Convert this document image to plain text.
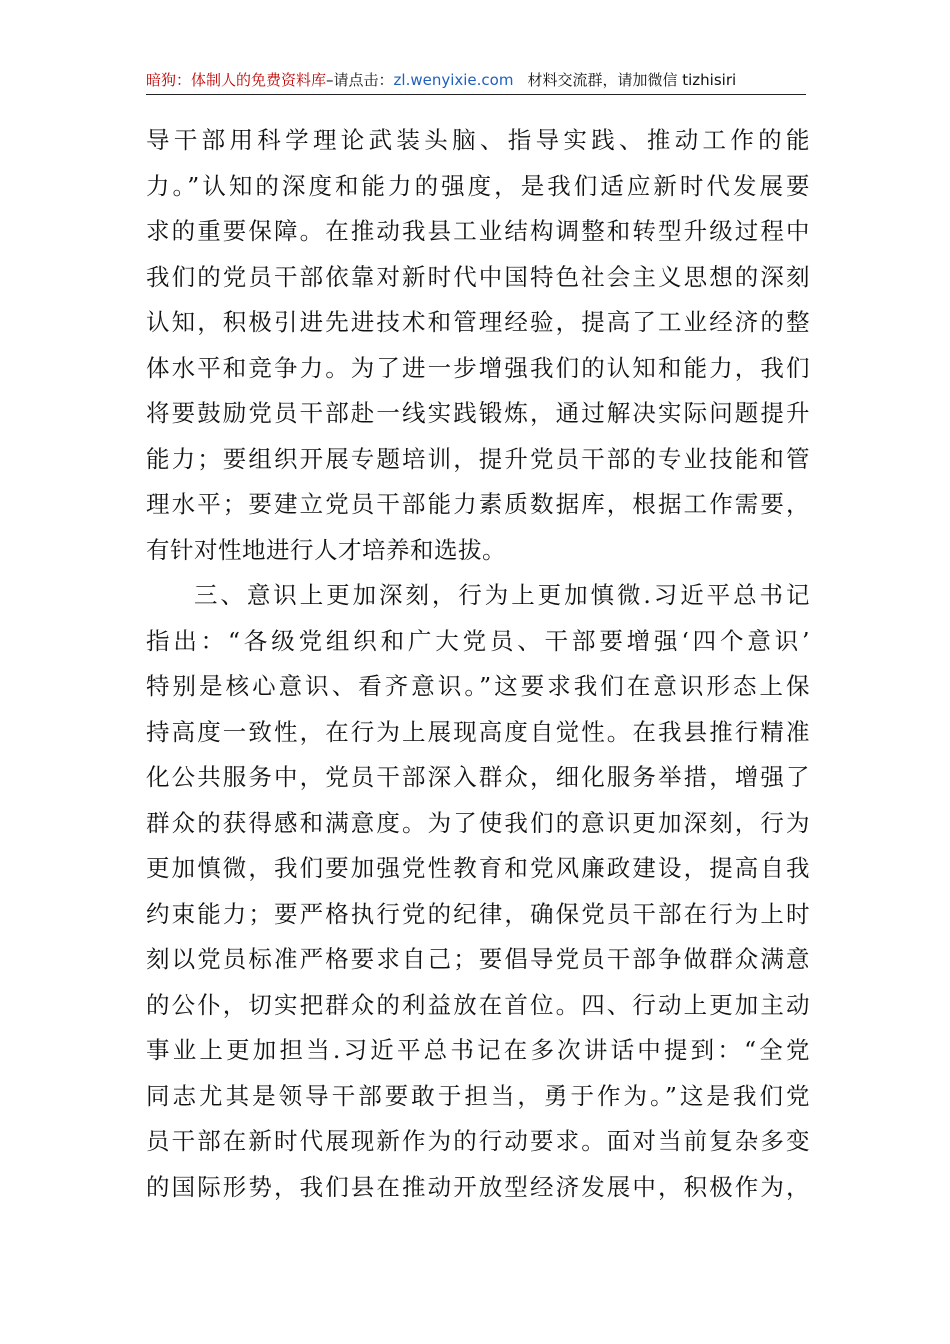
暗狗：体制人的免费资料库–请点击：zl.wenyixie.com 材料交流群，请加微信 tizhisiri
导干部用科学理论武装头脑、指导实践、推动工作的能
力。”认知的深度和能力的强度，是我们适应新时代发展要
求的重要保障。在推动我县工业结构调整和转型升级过程中
我们的党员干部依靠对新时代中国特色社会主义思想的深刻
认知，积极引进先进技术和管理经验，提高了工业经济的整
体水平和竞争力。为了进一步增强我们的认知和能力，我们
将要鼓励党员干部赴一线实践锻炼，通过解决实际问题提升
能力；要组织开展专题培训，提升党员干部的专业技能和管
理水平；要建立党员干部能力素质数据库，根据工作需要，
有针对性地进行人才培养和选拔。
三、意识上更加深刻，行为上更加慎微.习近平总书记
指出：“各级党组织和广大党员、干部要增强‘四个意识’
特别是核心意识、看齐意识。”这要求我们在意识形态上保
持高度一致性，在行为上展现高度自觉性。在我县推行精准
化公共服务中，党员干部深入群众，细化服务举措，增强了
群众的获得感和满意度。为了使我们的意识更加深刻，行为
更加慎微，我们要加强党性教育和党风廉政建设，提高自我
约束能力；要严格执行党的纪律，确保党员干部在行为上时
刻以党员标准严格要求自己；要倡导党员干部争做群众满意
的公仆，切实把群众的利益放在首位。四、行动上更加主动
事业上更加担当.习近平总书记在多次讲话中提到：“全党
同志尤其是领导干部要敢于担当，勇于作为。”这是我们党
员干部在新时代展现新作为的行动要求。面对当前复杂多变
的国际形势，我们县在推动开放型经济发展中，积极作为，
